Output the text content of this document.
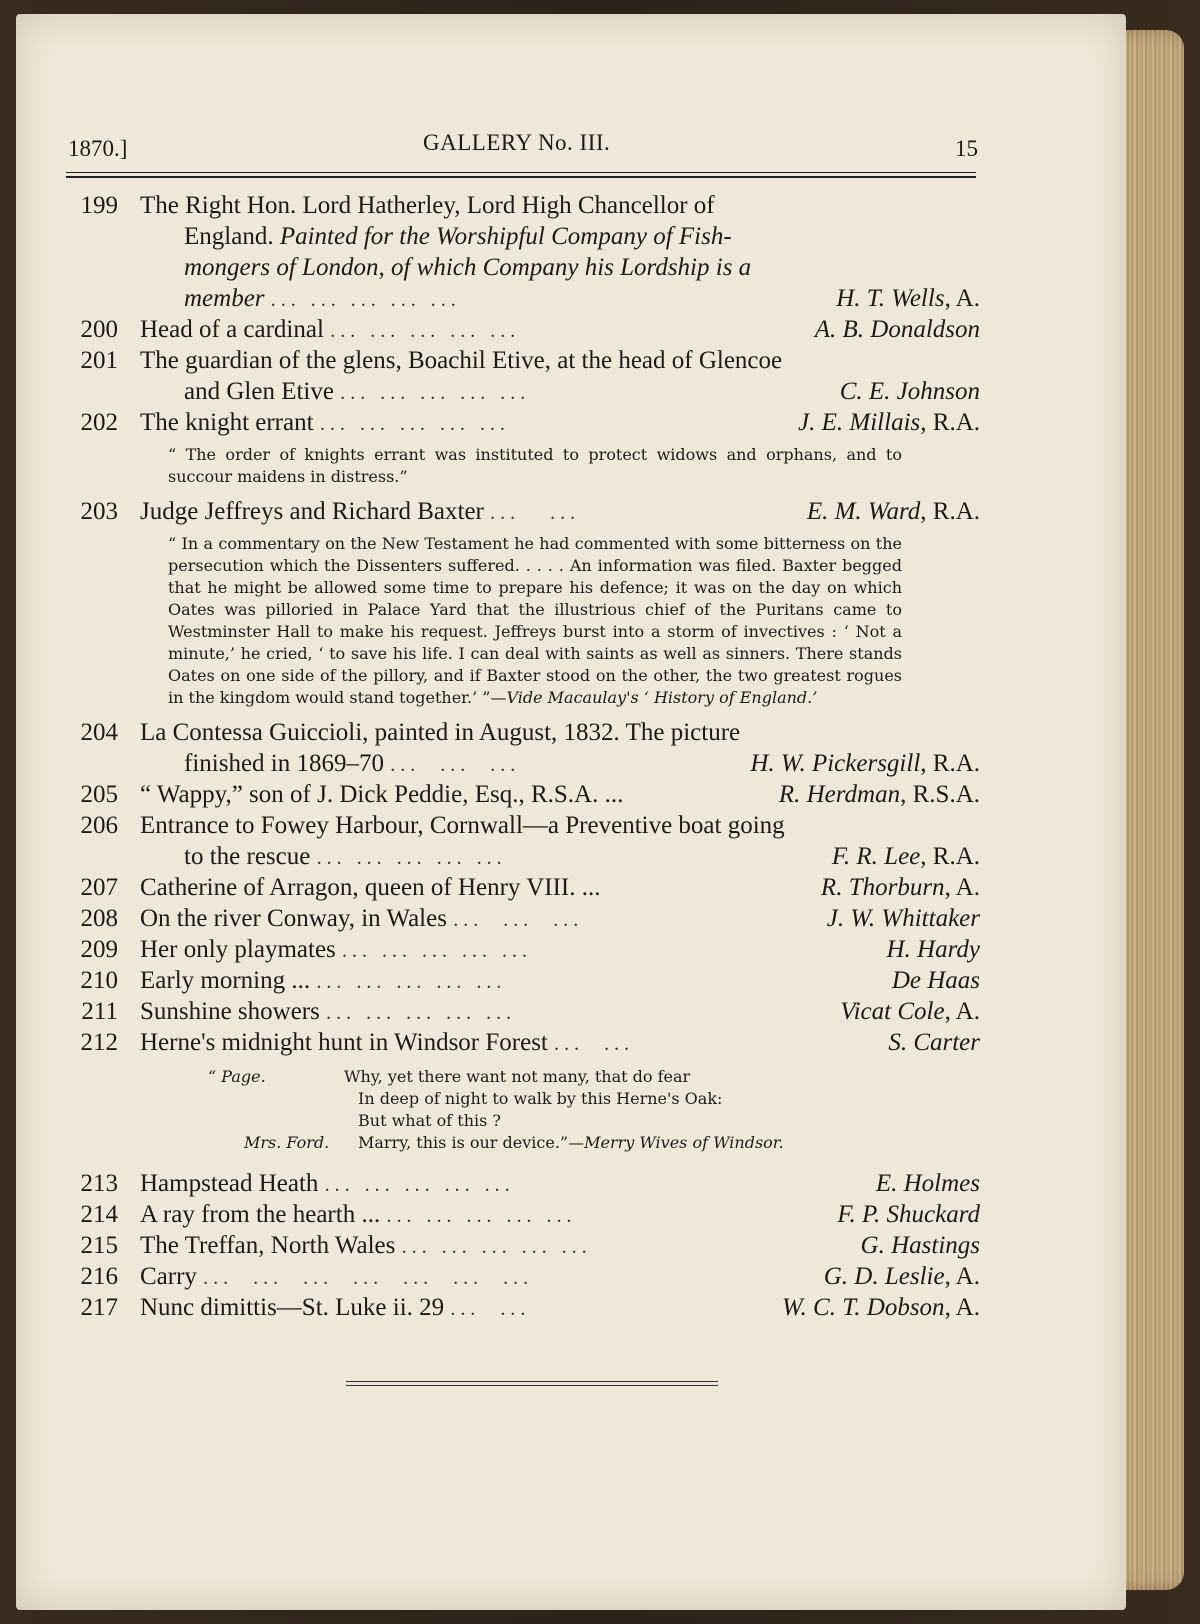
1870.]	GALLERY No. III.	15
199 The Right Hon. Lord Hatherley, Lord High Chancellor of
England. Painted for the Worshipful Company of Fish-
mongers of London, of which Company his Lordship is a
member ... ... ... ... ...	H. T. Wells, A.
200 Head of a cardinal ... ... ... ... ...	A. B. Donaldson
201 The guardian of the glens, Boachil Etive, at the head of Glencoe
and Glen Etive ... ... ... ... ...	C. E. Johnson
202 The knight errant ... ... ... ... ...	J. E. Millais, R.A.
“ The order of knights errant was instituted to protect widows and orphans, and to succour maidens in distress.”
203 Judge Jeffreys and Richard Baxter ...   ...	E. M. Ward, R.A.
“ In a commentary on the New Testament he had commented with some bitterness on the persecution which the Dissenters suffered. . . . . An information was filed. Baxter begged that he might be allowed some time to prepare his defence; it was on the day on which Oates was pilloried in Palace Yard that the illustrious chief of the Puritans came to Westminster Hall to make his request. Jeffreys burst into a storm of invectives : ‘ Not a minute,’ he cried, ‘ to save his life. I can deal with saints as well as sinners. There stands Oates on one side of the pillory, and if Baxter stood on the other, the two greatest rogues in the kingdom would stand together.’ ”—Vide Macaulay's ‘ History of England.’
204 La Contessa Guiccioli, painted in August, 1832. The picture
finished in 1869–70 ...  ...  ...	H. W. Pickersgill, R.A.
205 “ Wappy,” son of J. Dick Peddie, Esq., R.S.A. ...	R. Herdman, R.S.A.
206 Entrance to Fowey Harbour, Cornwall—a Preventive boat going
to the rescue ... ... ... ... ...	F. R. Lee, R.A.
207 Catherine of Arragon, queen of Henry VIII. ...	R. Thorburn, A.
208 On the river Conway, in Wales ...  ...  ...	J. W. Whittaker
209 Her only playmates ... ... ... ... ...	H. Hardy
210 Early morning ... ... ... ... ... ...	De Haas
211 Sunshine showers ... ... ... ... ...	Vicat Cole, A.
212 Herne's midnight hunt in Windsor Forest ...  ...	S. Carter
“ Page.	Why, yet there want not many, that do fear
In deep of night to walk by this Herne's Oak:
But what of this ?
Mrs. Ford. Marry, this is our device.”—Merry Wives of Windsor.
213 Hampstead Heath ... ... ... ... ...	E. Holmes
214 A ray from the hearth ... ... ... ... ... ...	F. P. Shuckard
215 The Treffan, North Wales ... ... ... ... ...	G. Hastings
216 Carry ...  ...  ...  ...  ...  ...  ...	G. D. Leslie, A.
217 Nunc dimittis—St. Luke ii. 29 ...  ...	W. C. T. Dobson, A.
